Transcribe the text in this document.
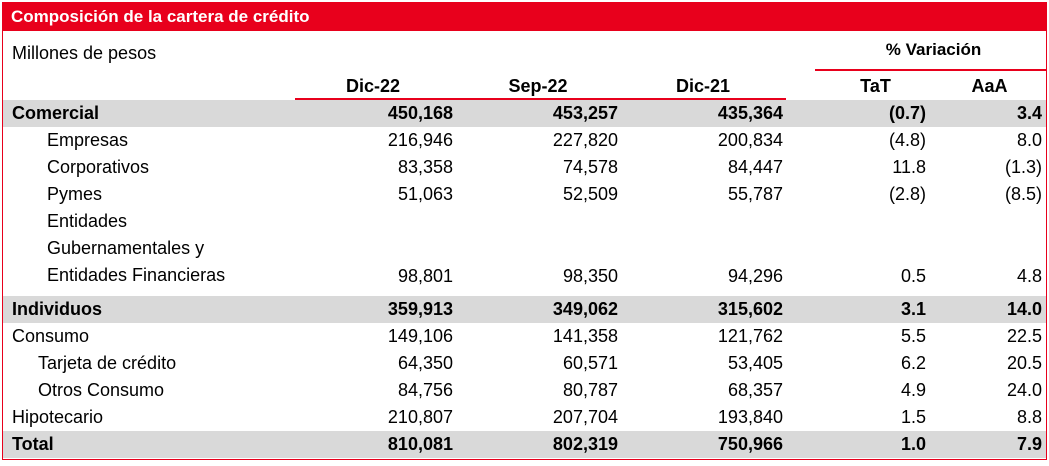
Composición de la cartera de crédito
Millones de pesos	% Variación
Dic-22	Sep-22	Dic-21	TaT	AaA
Comercial	450,168	453,257	435,364	(0.7)	3.4
Empresas	216,946	227,820	200,834	(4.8)	8.0
Corporativos	83,358	74,578	84,447	11.8	(1.3)
Pymes	51,063	52,509	55,787	(2.8)	(8.5)
Entidades
Gubernamentales y
Entidades Financieras	98,801	98,350	94,296	0.5	4.8
Individuos	359,913	349,062	315,602	3.1	14.0
Consumo	149,106	141,358	121,762	5.5	22.5
Tarjeta de crédito	64,350	60,571	53,405	6.2	20.5
Otros Consumo	84,756	80,787	68,357	4.9	24.0
Hipotecario	210,807	207,704	193,840	1.5	8.8
Total	810,081	802,319	750,966	1.0	7.9
